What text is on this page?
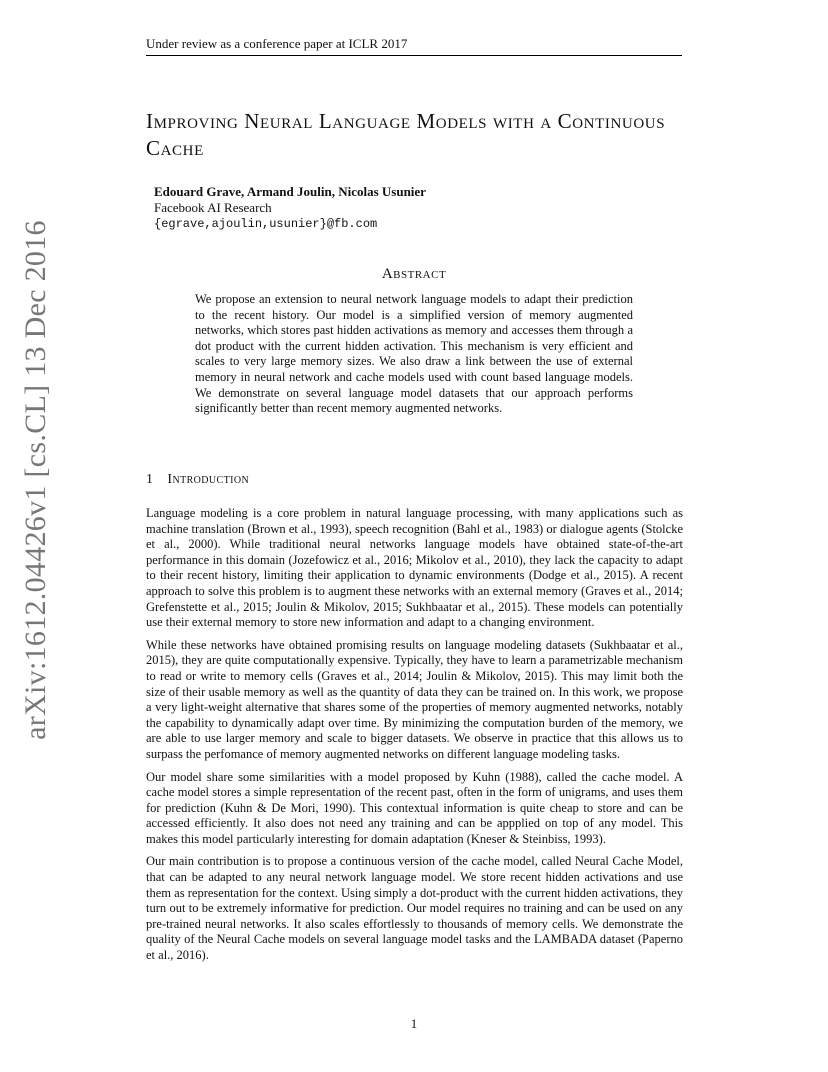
Under review as a conference paper at ICLR 2017
arXiv:1612.04426v1 [cs.CL] 13 Dec 2016
Improving Neural Language Models with a Continuous Cache
Edouard Grave, Armand Joulin, Nicolas Usunier
Facebook AI Research
{egrave,ajoulin,usunier}@fb.com
Abstract
We propose an extension to neural network language models to adapt their prediction to the recent history. Our model is a simplified version of memory augmented networks, which stores past hidden activations as memory and accesses them through a dot product with the current hidden activation. This mechanism is very efficient and scales to very large memory sizes. We also draw a link between the use of external memory in neural network and cache models used with count based language models. We demonstrate on several language model datasets that our approach performs significantly better than recent memory augmented networks.
1 Introduction

Language modeling is a core problem in natural language processing, with many applications such as machine translation (Brown et al., 1993), speech recognition (Bahl et al., 1983) or dialogue agents (Stolcke et al., 2000). While traditional neural networks language models have obtained state-of-the-art performance in this domain (Jozefowicz et al., 2016; Mikolov et al., 2010), they lack the capacity to adapt to their recent history, limiting their application to dynamic environments (Dodge et al., 2015). A recent approach to solve this problem is to augment these networks with an external memory (Graves et al., 2014; Grefenstette et al., 2015; Joulin & Mikolov, 2015; Sukhbaatar et al., 2015). These models can potentially use their external memory to store new information and adapt to a changing environment.

While these networks have obtained promising results on language modeling datasets (Sukhbaatar et al., 2015), they are quite computationally expensive. Typically, they have to learn a parametrizable mechanism to read or write to memory cells (Graves et al., 2014; Joulin & Mikolov, 2015). This may limit both the size of their usable memory as well as the quantity of data they can be trained on. In this work, we propose a very light-weight alternative that shares some of the properties of memory augmented networks, notably the capability to dynamically adapt over time. By minimizing the computation burden of the memory, we are able to use larger memory and scale to bigger datasets. We observe in practice that this allows us to surpass the perfomance of memory augmented networks on different language modeling tasks.

Our model share some similarities with a model proposed by Kuhn (1988), called the cache model. A cache model stores a simple representation of the recent past, often in the form of unigrams, and uses them for prediction (Kuhn & De Mori, 1990). This contextual information is quite cheap to store and can be accessed efficiently. It also does not need any training and can be appplied on top of any model. This makes this model particularly interesting for domain adaptation (Kneser & Steinbiss, 1993).

Our main contribution is to propose a continuous version of the cache model, called Neural Cache Model, that can be adapted to any neural network language model. We store recent hidden activations and use them as representation for the context. Using simply a dot-product with the current hidden activations, they turn out to be extremely informative for prediction. Our model requires no training and can be used on any pre-trained neural networks. It also scales effortlessly to thousands of memory cells. We demonstrate the quality of the Neural Cache models on several language model tasks and the LAMBADA dataset (Paperno et al., 2016).

1
